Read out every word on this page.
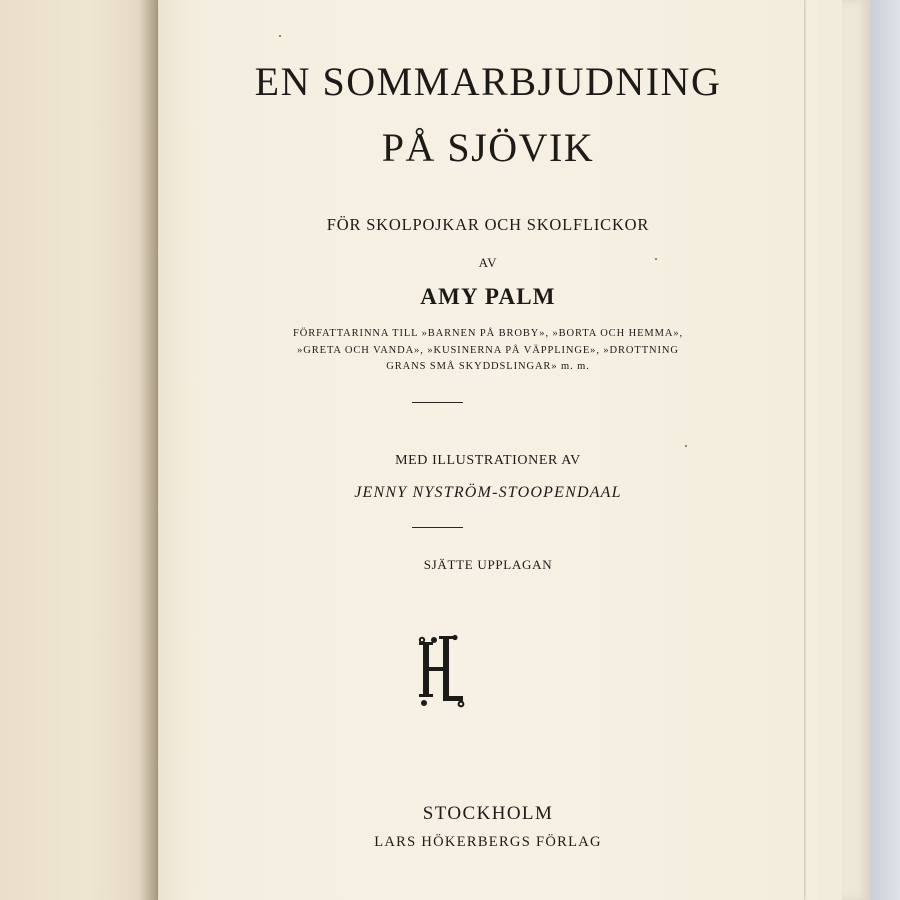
EN SOMMARBJUDNING

PÅ SJÖVIK

FÖR SKOLPOJKAR OCH SKOLFLICKOR

AV

AMY PALM

FÖRFATTARINNA TILL »BARNEN PÅ BROBY», »BORTA OCH HEMMA»,
»GRETA OCH VANDA», »KUSINERNA PÅ VÄPPLINGE», »DROTTNING
GRANS SMÅ SKYDDSLINGAR» m. m.

MED ILLUSTRATIONER AV

JENNY NYSTRÖM-STOOPENDAAL

SJÄTTE UPPLAGAN

STOCKHOLM

LARS HÖKERBERGS FÖRLAG
